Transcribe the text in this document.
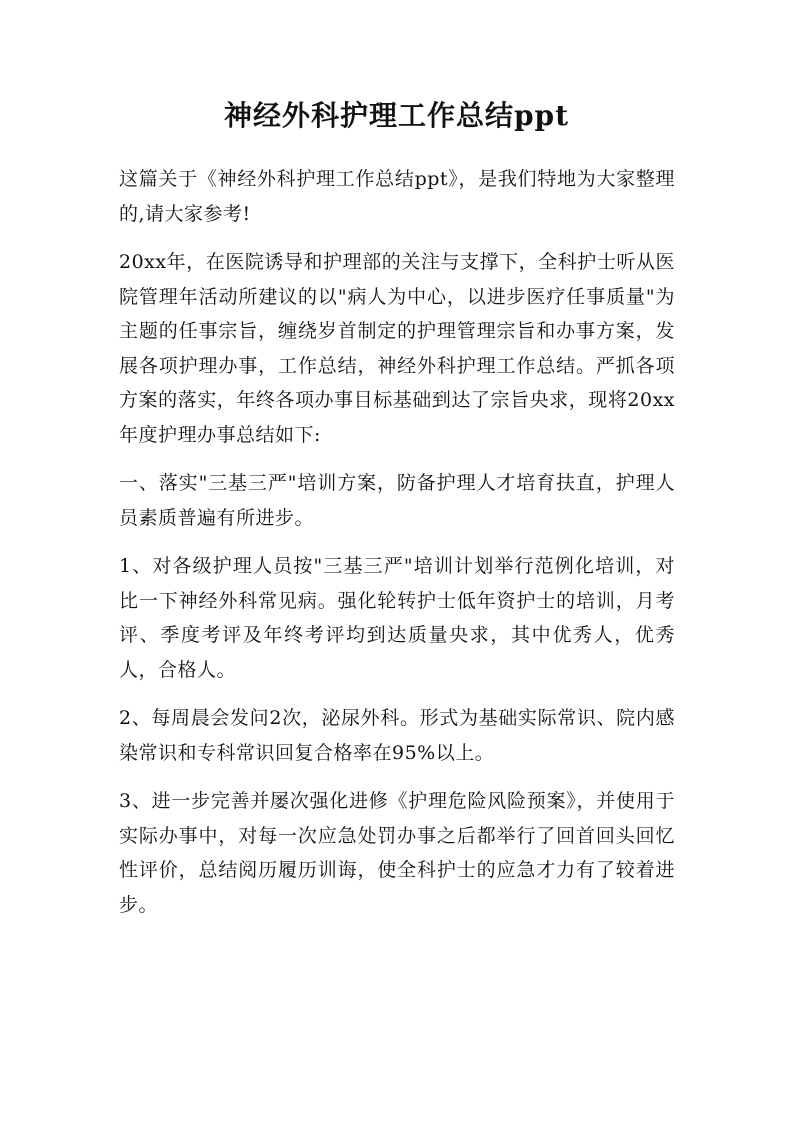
神经外科护理工作总结ppt

这篇关于《神经外科护理工作总结ppt》，是我们特地为大家整理的,请大家参考!

20xx年，在医院诱导和护理部的关注与支撑下，全科护士听从医院管理年活动所建议的以"病人为中心，以进步医疗任事质量"为主题的任事宗旨，缠绕岁首制定的护理管理宗旨和办事方案，发展各项护理办事，工作总结，神经外科护理工作总结。严抓各项方案的落实，年终各项办事目标基础到达了宗旨央求，现将20xx年度护理办事总结如下:

一、落实"三基三严"培训方案，防备护理人才培育扶直，护理人员素质普遍有所进步。

1、对各级护理人员按"三基三严"培训计划举行范例化培训，对比一下神经外科常见病。强化轮转护士低年资护士的培训，月考评、季度考评及年终考评均到达质量央求，其中优秀人，优秀人，合格人。

2、每周晨会发问2次，泌尿外科。形式为基础实际常识、院内感染常识和专科常识回复合格率在95%以上。

3、进一步完善并屡次强化进修《护理危险风险预案》，并使用于实际办事中，对每一次应急处罚办事之后都举行了回首回头回忆性评价，总结阅历履历训诲，使全科护士的应急才力有了较着进步。
